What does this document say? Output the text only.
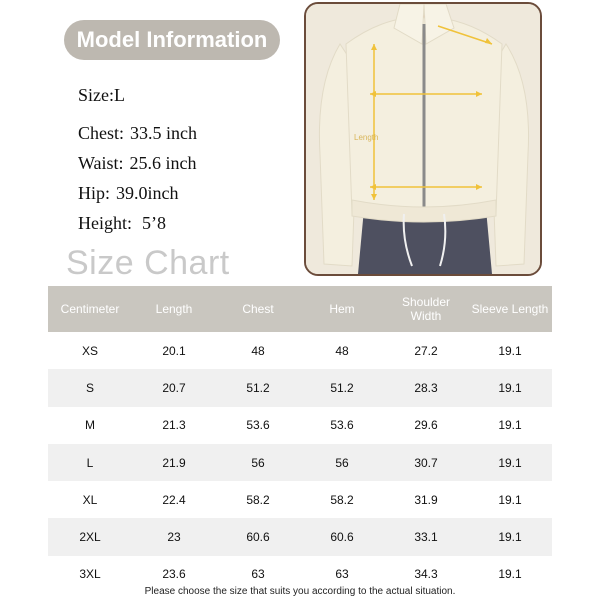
Model Information
Size:L
Chest: 33.5 inch
Waist: 25.6 inch
Hip: 39.0inch
Height: 5’8
Length
Size Chart
Centimeter	Length	Chest	Hem	Shoulder Width	Sleeve Length
XS	20.1	48	48	27.2	19.1
S	20.7	51.2	51.2	28.3	19.1
M	21.3	53.6	53.6	29.6	19.1
L	21.9	56	56	30.7	19.1
XL	22.4	58.2	58.2	31.9	19.1
2XL	23	60.6	60.6	33.1	19.1
3XL	23.6	63	63	34.3	19.1
Please choose the size that suits you according to the actual situation.
